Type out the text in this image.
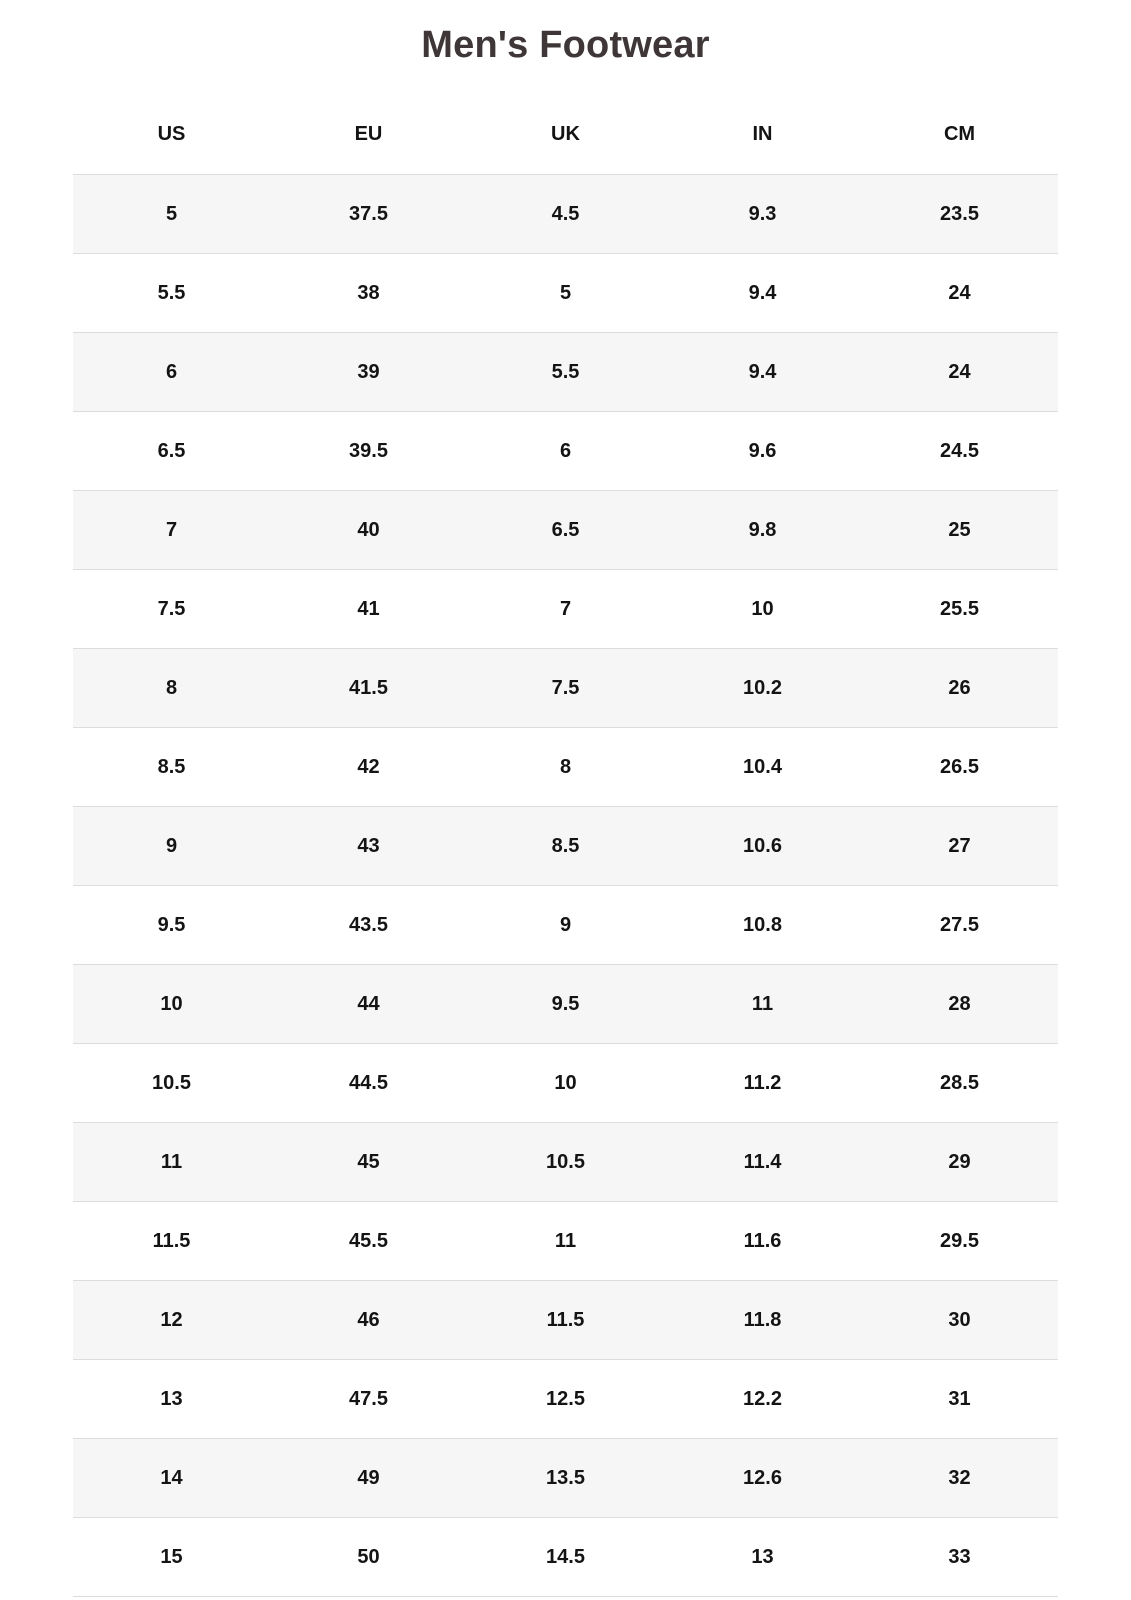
Men's Footwear
US	EU	UK	IN	CM
5	37.5	4.5	9.3	23.5
5.5	38	5	9.4	24
6	39	5.5	9.4	24
6.5	39.5	6	9.6	24.5
7	40	6.5	9.8	25
7.5	41	7	10	25.5
8	41.5	7.5	10.2	26
8.5	42	8	10.4	26.5
9	43	8.5	10.6	27
9.5	43.5	9	10.8	27.5
10	44	9.5	11	28
10.5	44.5	10	11.2	28.5
11	45	10.5	11.4	29
11.5	45.5	11	11.6	29.5
12	46	11.5	11.8	30
13	47.5	12.5	12.2	31
14	49	13.5	12.6	32
15	50	14.5	13	33
